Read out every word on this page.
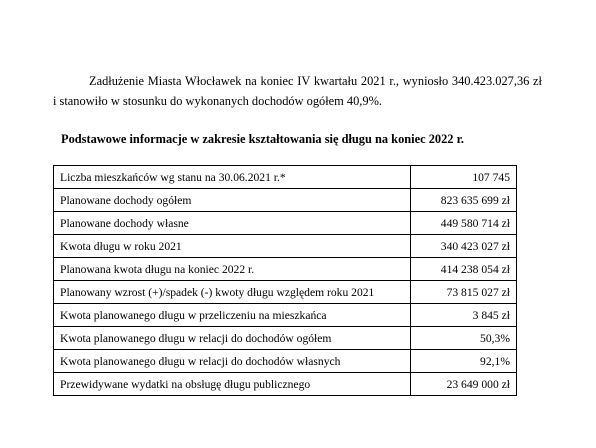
Zadłużenie Miasta Włocławek na koniec IV kwartału 2021 r., wyniosło 340.423.027,36 zł
i stanowiło w stosunku do wykonanych dochodów ogółem 40,9%.

Podstawowe informacje w zakresie kształtowania się długu na koniec 2022 r.
Liczba mieszkańców wg stanu na 30.06.2021 r.*	107 745
Planowane dochody ogółem	823 635 699 zł
Planowane dochody własne	449 580 714 zł
Kwota długu w roku 2021	340 423 027 zł
Planowana kwota długu na koniec 2022 r.	414 238 054 zł
Planowany wzrost (+)/spadek (-) kwoty długu względem roku 2021	73 815 027 zł
Kwota planowanego długu w przeliczeniu na mieszkańca	3 845 zł
Kwota planowanego długu w relacji do dochodów ogółem	50,3%
Kwota planowanego długu w relacji do dochodów własnych	92,1%
Przewidywane wydatki na obsługę długu publicznego	23 649 000 zł
